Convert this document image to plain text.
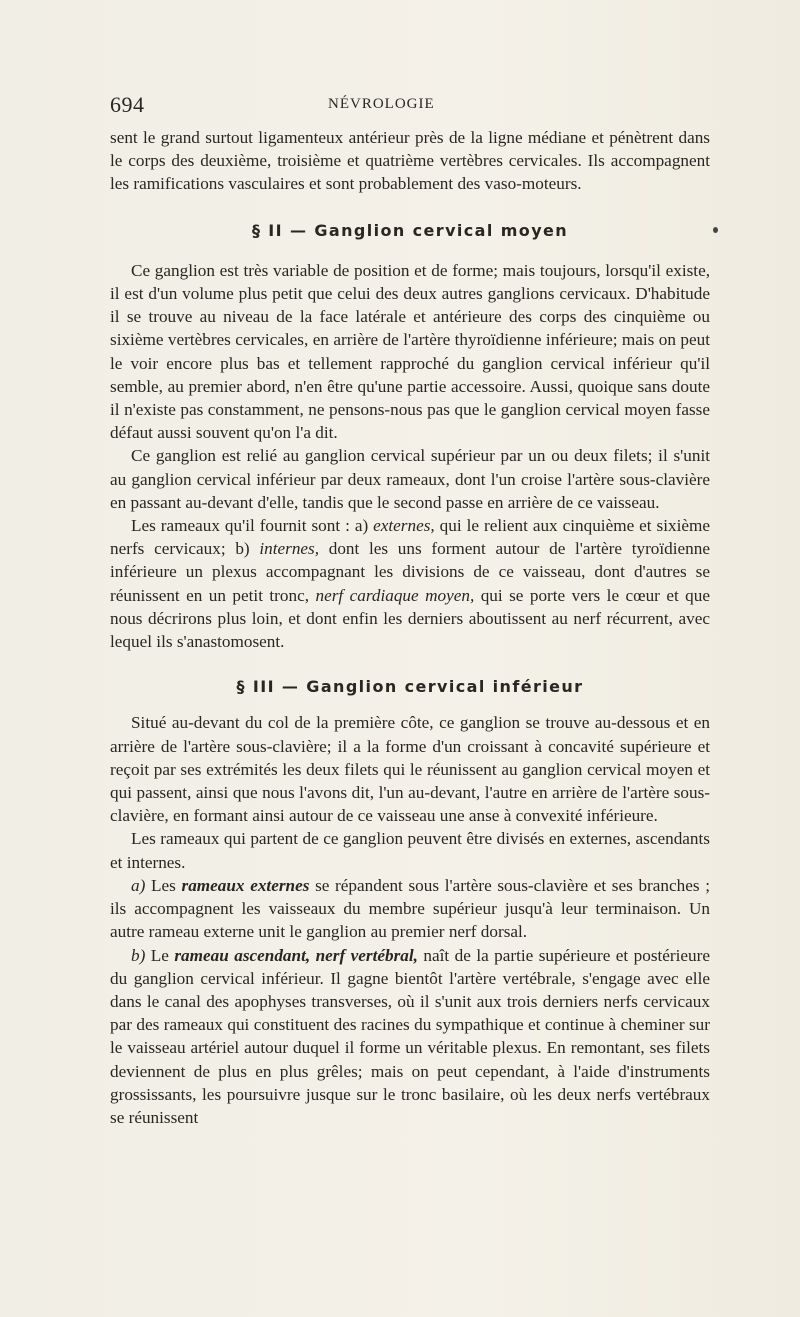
694	NÉVROLOGIE

sent le grand surtout ligamenteux antérieur près de la ligne médiane et pénètrent dans le corps des deuxième, troisième et quatrième vertèbres cervicales. Ils accompagnent les ramifications vasculaires et sont probablement des vaso-moteurs.

§ II — Ganglion cervical moyen

Ce ganglion est très variable de position et de forme; mais toujours, lorsqu'il existe, il est d'un volume plus petit que celui des deux autres ganglions cervicaux. D'habitude il se trouve au niveau de la face latérale et antérieure des corps des cinquième ou sixième vertèbres cervicales, en arrière de l'artère thyroïdienne inférieure; mais on peut le voir encore plus bas et tellement rapproché du ganglion cervical inférieur qu'il semble, au premier abord, n'en être qu'une partie accessoire. Aussi, quoique sans doute il n'existe pas constamment, ne pensons-nous pas que le ganglion cervical moyen fasse défaut aussi souvent qu'on l'a dit.

Ce ganglion est relié au ganglion cervical supérieur par un ou deux filets; il s'unit au ganglion cervical inférieur par deux rameaux, dont l'un croise l'artère sous-clavière en passant au-devant d'elle, tandis que le second passe en arrière de ce vaisseau.

Les rameaux qu'il fournit sont : a) externes, qui le relient aux cinquième et sixième nerfs cervicaux; b) internes, dont les uns forment autour de l'artère tyroïdienne inférieure un plexus accompagnant les divisions de ce vaisseau, dont d'autres se réunissent en un petit tronc, nerf cardiaque moyen, qui se porte vers le cœur et que nous décrirons plus loin, et dont enfin les derniers aboutissent au nerf récurrent, avec lequel ils s'anastomosent.

§ III — Ganglion cervical inférieur

Situé au-devant du col de la première côte, ce ganglion se trouve au-dessous et en arrière de l'artère sous-clavière; il a la forme d'un croissant à concavité supérieure et reçoit par ses extrémités les deux filets qui le réunissent au ganglion cervical moyen et qui passent, ainsi que nous l'avons dit, l'un au-devant, l'autre en arrière de l'artère sous-clavière, en formant ainsi autour de ce vaisseau une anse à convexité inférieure.

Les rameaux qui partent de ce ganglion peuvent être divisés en externes, ascendants et internes.

a) Les rameaux externes se répandent sous l'artère sous-clavière et ses branches ; ils accompagnent les vaisseaux du membre supérieur jusqu'à leur terminaison. Un autre rameau externe unit le ganglion au premier nerf dorsal.

b) Le rameau ascendant, nerf vertébral, naît de la partie supérieure et postérieure du ganglion cervical inférieur. Il gagne bientôt l'artère vertébrale, s'engage avec elle dans le canal des apophyses transverses, où il s'unit aux trois derniers nerfs cervicaux par des rameaux qui constituent des racines du sympathique et continue à cheminer sur le vaisseau artériel autour duquel il forme un véritable plexus. En remontant, ses filets deviennent de plus en plus grêles; mais on peut cependant, à l'aide d'instruments grossissants, les poursuivre jusque sur le tronc basilaire, où les deux nerfs vertébraux se réunissent
